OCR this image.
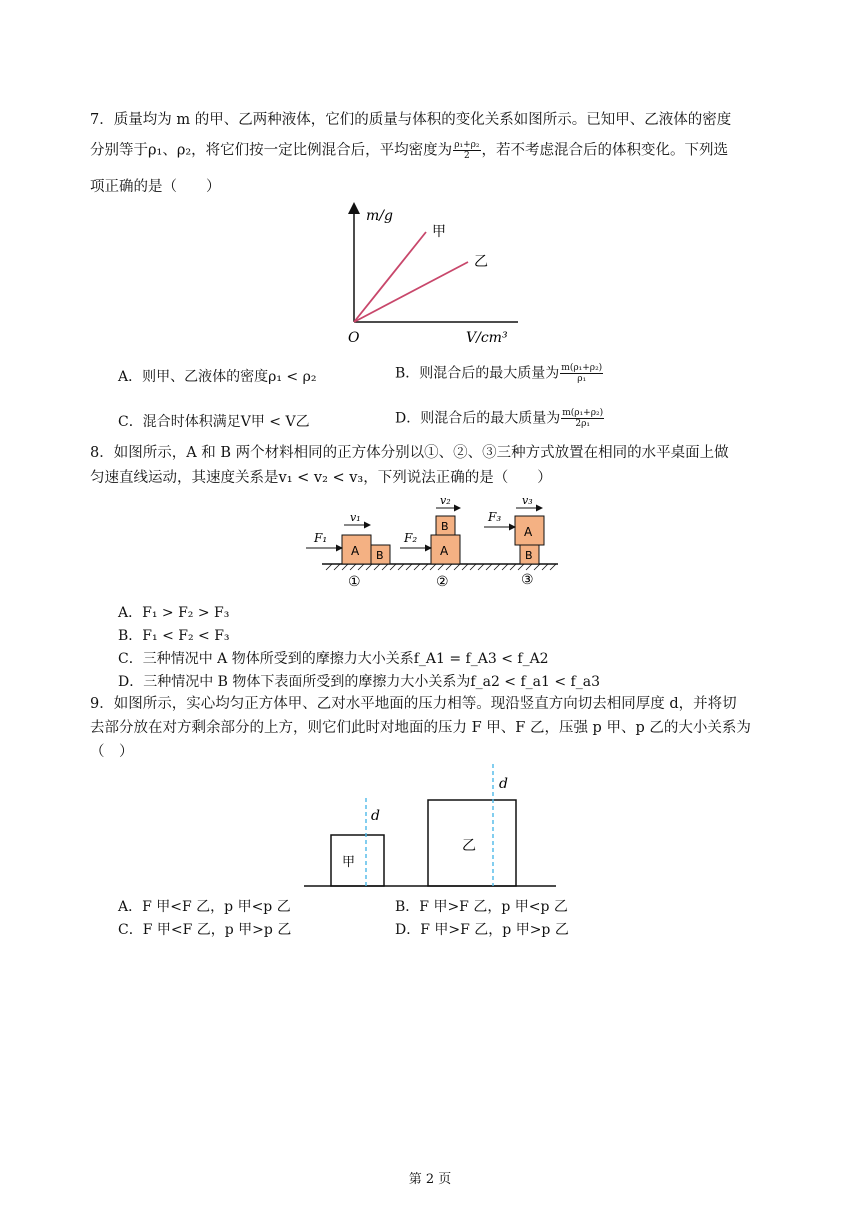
7．质量均为 m 的甲、乙两种液体，它们的质量与体积的变化关系如图所示。已知甲、乙液体的密度
分别等于ρ₁、ρ₂，将它们按一定比例混合后，平均密度为 $\frac{\text{ρ₁+ρ₂}}{2}$ ，若不考虑混合后的体积变化。下列选
项正确的是（　　）
m/g
V/cm³
O
甲
乙
A．则甲、乙液体的密度ρ₁ < ρ₂	B．则混合后的最大质量为 $\frac{\text{m(ρ₁+ρ₂)}}{\text{ρ₁}}$
C．混合时体积满足V甲 < V乙	D．则混合后的最大质量为 $\frac{\text{m(ρ₁+ρ₂)}}{\text{2ρ₁}}$
8．如图所示，A 和 B 两个材料相同的正方体分别以①、②、③三种方式放置在相同的水平桌面上做
匀速直线运动，其速度关系是v₁ < v₂ < v₃，下列说法正确的是（　　）
A B
F₁
v₁
①
A
B
F₂
v₂
②
A
B
F₃
v₃
③
A．F₁ > F₂ > F₃
B．F₁ < F₂ < F₃
C．三种情况中 A 物体所受到的摩擦力大小关系f_A1 = f_A3 < f_A2
D．三种情况中 B 物体下表面所受到的摩擦力大小关系为f_a2 < f_a1 < f_a3
9．如图所示，实心均匀正方体甲、乙对水平地面的压力相等。现沿竖直方向切去相同厚度 d，并将切
去部分放在对方剩余部分的上方，则它们此时对地面的压力 F 甲、F 乙，压强 p 甲、p 乙的大小关系为
（　）
d
d
甲
乙
A．F 甲<F 乙，p 甲<p 乙	B．F 甲>F 乙，p 甲<p 乙
C．F 甲<F 乙，p 甲>p 乙	D．F 甲>F 乙，p 甲>p 乙
第 2 页
